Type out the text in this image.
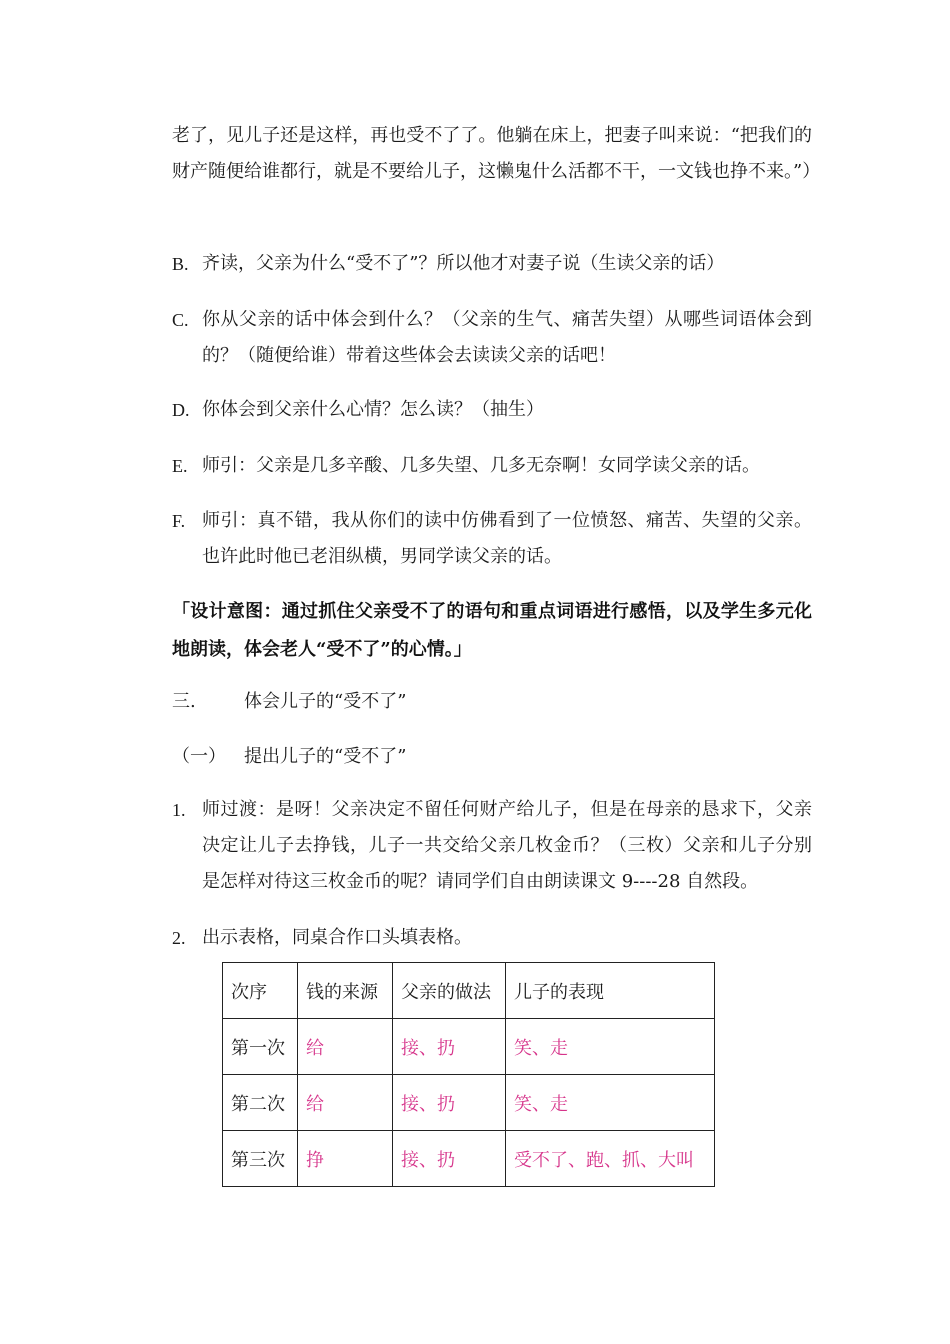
老了，见儿子还是这样，再也受不了了。他躺在床上，把妻子叫来说：“把我们的财产随便给谁都行，就是不要给儿子，这懒鬼什么活都不干，一文钱也挣不来。”）
B. 齐读，父亲为什么“受不了”？所以他才对妻子说（生读父亲的话）
C. 你从父亲的话中体会到什么？（父亲的生气、痛苦失望）从哪些词语体会到的？（随便给谁）带着这些体会去读读父亲的话吧！
D. 你体会到父亲什么心情？怎么读？（抽生）
E. 师引：父亲是几多辛酸、几多失望、几多无奈啊！女同学读父亲的话。
F. 师引：真不错，我从你们的读中仿佛看到了一位愤怒、痛苦、失望的父亲。也许此时他已老泪纵横，男同学读父亲的话。
「设计意图：通过抓住父亲受不了的语句和重点词语进行感悟，以及学生多元化地朗读，体会老人“受不了”的心情。」
三.	体会儿子的“受不了”
（一） 提出儿子的“受不了”
1. 师过渡：是呀！父亲决定不留任何财产给儿子，但是在母亲的恳求下，父亲决定让儿子去挣钱，儿子一共交给父亲几枚金币？（三枚）父亲和儿子分别是怎样对待这三枚金币的呢？请同学们自由朗读课文 9----28 自然段。
2. 出示表格，同桌合作口头填表格。
次序	钱的来源	父亲的做法	儿子的表现
第一次	给	接、扔	笑、走
第二次	给	接、扔	笑、走
第三次	挣	接、扔	受不了、跑、抓、大叫
